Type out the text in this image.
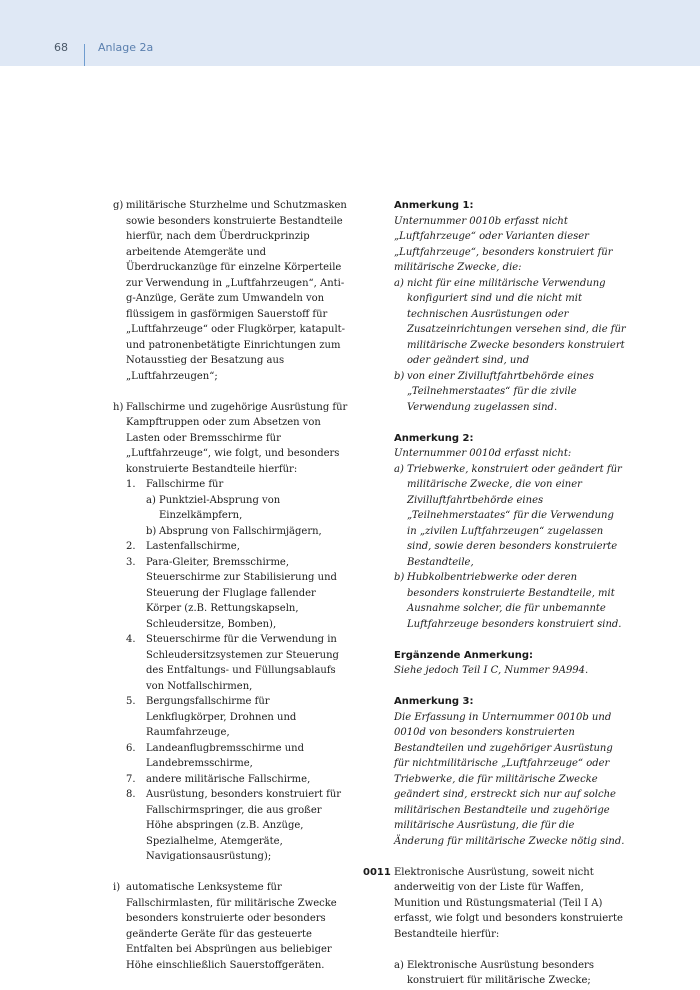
68	Anlage 2a
g) militärische Sturzhelme und Schutzmasken sowie besonders konstruierte Bestandteile hierfür, nach dem Überdruckprinzip arbeitende Atemgeräte und Überdruckanzüge für einzelne Körperteile zur Verwendung in „Luftfahrzeugen“, Anti-g-Anzüge, Geräte zum Umwandeln von flüssigem in gasförmigen Sauerstoff für „Luftfahrzeuge“ oder Flugkörper, katapult- und patronenbetätigte Einrichtungen zum Notausstieg der Besatzung aus „Luftfahrzeugen“;
h) Fallschirme und zugehörige Ausrüstung für Kampftruppen oder zum Absetzen von Lasten oder Bremsschirme für „Luftfahrzeuge“, wie folgt, und besonders konstruierte Bestandteile hierfür:
1. Fallschirme für
a) Punktziel-Absprung von Einzelkämpfern,
b) Absprung von Fallschirmjägern,
2. Lastenfallschirme,
3. Para-Gleiter, Bremsschirme, Steuerschirme zur Stabilisierung und Steuerung der Fluglage fallender Körper (z.B. Rettungskapseln, Schleudersitze, Bomben),
4. Steuerschirme für die Verwendung in Schleudersitzsystemen zur Steuerung des Entfaltungs- und Füllungsablaufs von Notfallschirmen,
5. Bergungsfallschirme für Lenkflugkörper, Drohnen und Raumfahrzeuge,
6. Landeanflugbremsschirme und Landebremsschirme,
7. andere militärische Fallschirme,
8. Ausrüstung, besonders konstruiert für Fallschirmspringer, die aus großer Höhe abspringen (z.B. Anzüge, Spezialhelme, Atemgeräte, Navigationsausrüstung);
i) automatische Lenksysteme für Fallschirmlasten, für militärische Zwecke besonders konstruierte oder besonders geänderte Geräte für das gesteuerte Entfalten bei Absprüngen aus beliebiger Höhe einschließlich Sauerstoffgeräten.
Anmerkung 1:
Unternummer 0010b erfasst nicht „Luftfahrzeuge“ oder Varianten dieser „Luftfahrzeuge“, besonders konstruiert für militärische Zwecke, die:
a) nicht für eine militärische Verwendung konfiguriert sind und die nicht mit technischen Ausrüstungen oder Zusatzeinrichtungen versehen sind, die für militärische Zwecke besonders konstruiert oder geändert sind, und
b) von einer Zivilluftfahrtbehörde eines „Teilnehmerstaates“ für die zivile Verwendung zugelassen sind.
Anmerkung 2:
Unternummer 0010d erfasst nicht:
a) Triebwerke, konstruiert oder geändert für militärische Zwecke, die von einer Zivilluftfahrtbehörde eines „Teilnehmerstaates“ für die Verwendung in „zivilen Luftfahrzeugen“ zugelassen sind, sowie deren besonders konstruierte Bestandteile,
b) Hubkolbentriebwerke oder deren besonders konstruierte Bestandteile, mit Ausnahme solcher, die für unbemannte Luftfahrzeuge besonders konstruiert sind.
Ergänzende Anmerkung:
Siehe jedoch Teil I C, Nummer 9A994.
Anmerkung 3:
Die Erfassung in Unternummer 0010b und 0010d von besonders konstruierten Bestandteilen und zugehöriger Ausrüstung für nichtmilitärische „Luftfahrzeuge“ oder Triebwerke, die für militärische Zwecke geändert sind, erstreckt sich nur auf solche militärischen Bestandteile und zugehörige militärische Ausrüstung, die für die Änderung für militärische Zwecke nötig sind.
0011 Elektronische Ausrüstung, soweit nicht anderweitig von der Liste für Waffen, Munition und Rüstungsmaterial (Teil I A) erfasst, wie folgt und besonders konstruierte Bestandteile hierfür:
a) Elektronische Ausrüstung besonders konstruiert für militärische Zwecke;
